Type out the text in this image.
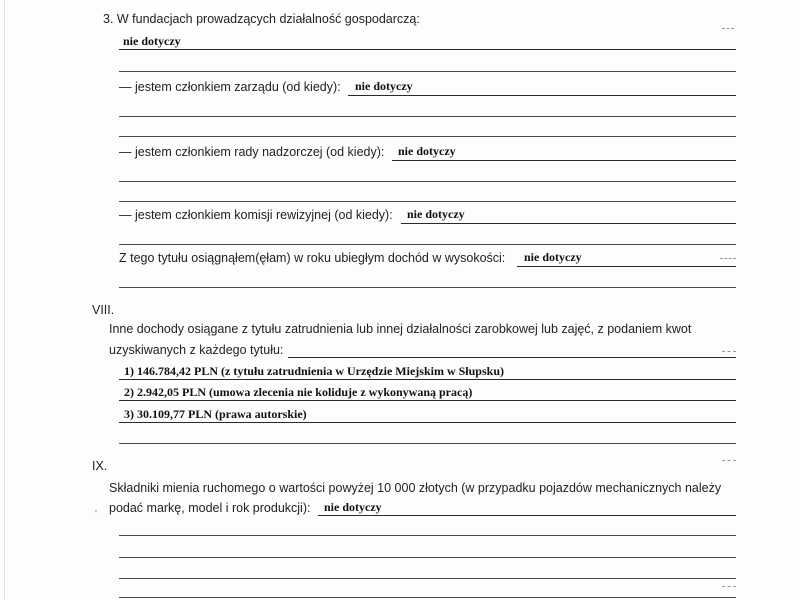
3. W fundacjach prowadzących działalność gospodarczą:
nie dotyczy
— jestem członkiem zarządu (od kiedy): nie dotyczy
— jestem członkiem rady nadzorczej (od kiedy): nie dotyczy
— jestem członkiem komisji rewizyjnej (od kiedy): nie dotyczy
Z tego tytułu osiągnąłem(ęłam) w roku ubiegłym dochód w wysokości: nie dotyczy
VIII.
Inne dochody osiągane z tytułu zatrudnienia lub innej działalności zarobkowej lub zajęć, z podaniem kwot
uzyskiwanych z każdego tytułu:
1) 146.784,42 PLN (z tytułu zatrudnienia w Urzędzie Miejskim w Słupsku)
2) 2.942,05 PLN (umowa zlecenia nie koliduje z wykonywaną pracą)
3) 30.109,77 PLN (prawa autorskie)
IX.
Składniki mienia ruchomego o wartości powyżej 10 000 złotych (w przypadku pojazdów mechanicznych należy
podać markę, model i rok produkcji): nie dotyczy
'
